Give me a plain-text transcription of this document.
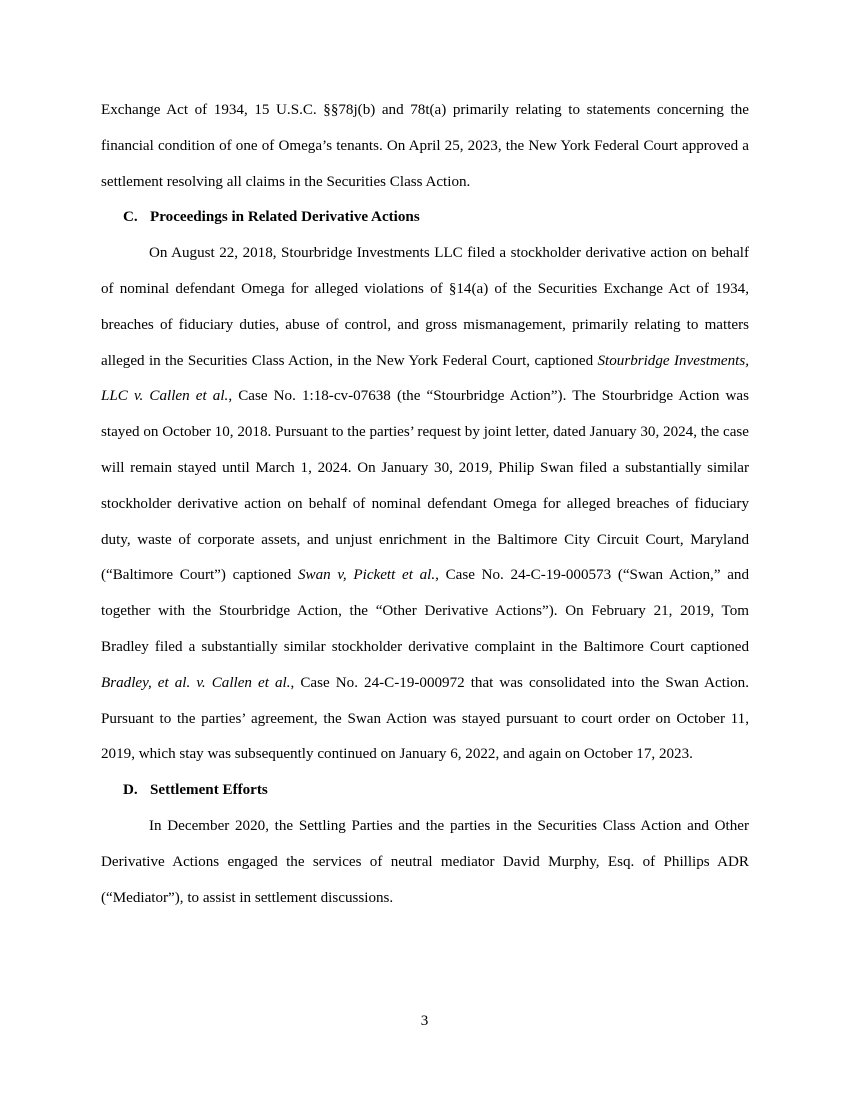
Exchange Act of 1934, 15 U.S.C. §§78j(b) and 78t(a) primarily relating to statements concerning the financial condition of one of Omega’s tenants. On April 25, 2023, the New York Federal Court approved a settlement resolving all claims in the Securities Class Action.

C. Proceedings in Related Derivative Actions

On August 22, 2018, Stourbridge Investments LLC filed a stockholder derivative action on behalf of nominal defendant Omega for alleged violations of §14(a) of the Securities Exchange Act of 1934, breaches of fiduciary duties, abuse of control, and gross mismanagement, primarily relating to matters alleged in the Securities Class Action, in the New York Federal Court, captioned Stourbridge Investments, LLC v. Callen et al., Case No. 1:18-cv-07638 (the “Stourbridge Action”). The Stourbridge Action was stayed on October 10, 2018. Pursuant to the parties’ request by joint letter, dated January 30, 2024, the case will remain stayed until March 1, 2024. On January 30, 2019, Philip Swan filed a substantially similar stockholder derivative action on behalf of nominal defendant Omega for alleged breaches of fiduciary duty, waste of corporate assets, and unjust enrichment in the Baltimore City Circuit Court, Maryland (“Baltimore Court”) captioned Swan v, Pickett et al., Case No. 24-C-19-000573 (“Swan Action,” and together with the Stourbridge Action, the “Other Derivative Actions”). On February 21, 2019, Tom Bradley filed a substantially similar stockholder derivative complaint in the Baltimore Court captioned Bradley, et al. v. Callen et al., Case No. 24-C-19-000972 that was consolidated into the Swan Action. Pursuant to the parties’ agreement, the Swan Action was stayed pursuant to court order on October 11, 2019, which stay was subsequently continued on January 6, 2022, and again on October 17, 2023.

D. Settlement Efforts

In December 2020, the Settling Parties and the parties in the Securities Class Action and Other Derivative Actions engaged the services of neutral mediator David Murphy, Esq. of Phillips ADR (“Mediator”), to assist in settlement discussions.

3
